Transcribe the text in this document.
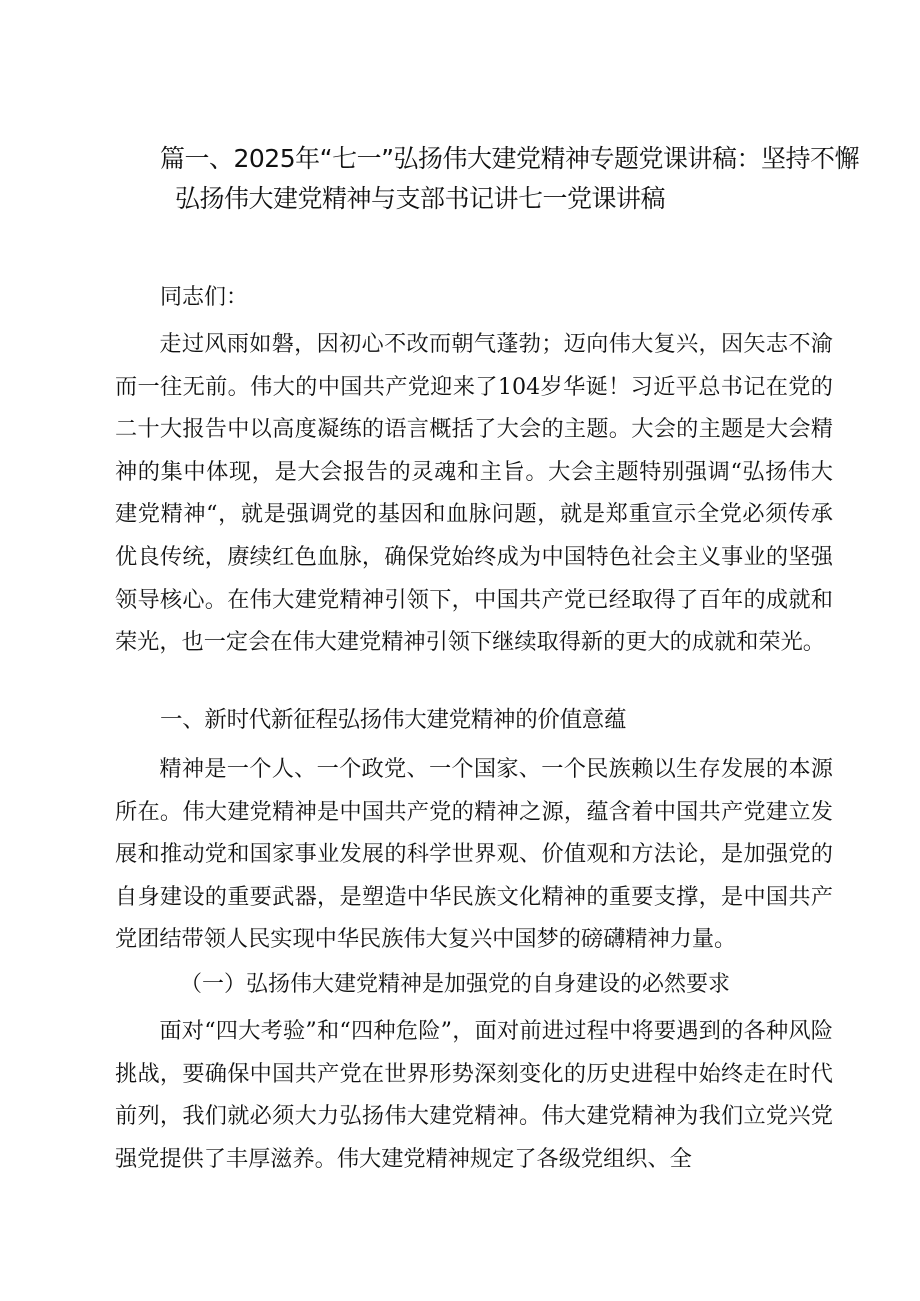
篇一、2025年“七一”弘扬伟大建党精神专题党课讲稿：坚持不懈
弘扬伟大建党精神与支部书记讲七一党课讲稿

同志们：

走过风雨如磐，因初心不改而朝气蓬勃；迈向伟大复兴，因矢志不渝而一往无前。伟大的中国共产党迎来了104岁华诞！习近平总书记在党的二十大报告中以高度凝练的语言概括了大会的主题。大会的主题是大会精神的集中体现，是大会报告的灵魂和主旨。大会主题特别强调“弘扬伟大建党精神“，就是强调党的基因和血脉问题，就是郑重宣示全党必须传承优良传统，赓续红色血脉，确保党始终成为中国特色社会主义事业的坚强领导核心。在伟大建党精神引领下，中国共产党已经取得了百年的成就和荣光，也一定会在伟大建党精神引领下继续取得新的更大的成就和荣光。

一、新时代新征程弘扬伟大建党精神的价值意蕴

精神是一个人、一个政党、一个国家、一个民族赖以生存发展的本源所在。伟大建党精神是中国共产党的精神之源，蕴含着中国共产党建立发展和推动党和国家事业发展的科学世界观、价值观和方法论，是加强党的自身建设的重要武器，是塑造中华民族文化精神的重要支撑，是中国共产党团结带领人民实现中华民族伟大复兴中国梦的磅礴精神力量。

（一）弘扬伟大建党精神是加强党的自身建设的必然要求

面对“四大考验”和“四种危险”，面对前进过程中将要遇到的各种风险挑战，要确保中国共产党在世界形势深刻变化的历史进程中始终走在时代前列，我们就必须大力弘扬伟大建党精神。伟大建党精神为我们立党兴党强党提供了丰厚滋养。伟大建党精神规定了各级党组织、全
